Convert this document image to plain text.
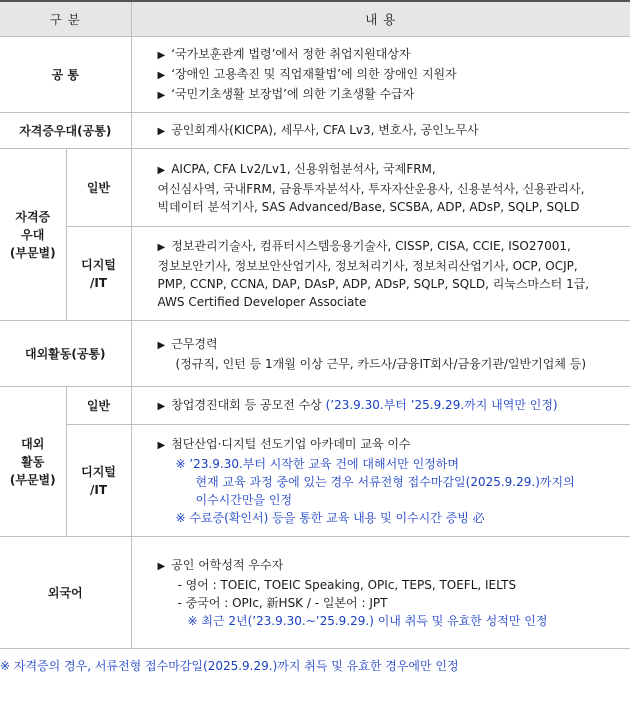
구 분		내 용
공 통		▶ ‘국가보훈관계 법령’에서 정한 취업지원대상자
▶ ‘장애인 고용촉진 및 직업재활법’에 의한 장애인 지원자
▶ ‘국민기초생활 보장법’에 의한 기초생활 수급자

자격증우대(공통)		▶ 공인회계사(KICPA), 세무사, CFA Lv3, 변호사, 공인노무사

자격증
우대
(부문별)	일반	▶ AICPA, CFA Lv2/Lv1, 신용위험분석사, 국제FRM,
여신심사역, 국내FRM, 금융투자분석사, 투자자산운용사, 신용분석사, 신용관리사,
빅데이터 분석기사, SAS Advanced/Base, SCSBA, ADP, ADsP, SQLP, SQLD

	디지털
/IT	▶ 정보관리기술사, 컴퓨터시스템응용기술사, CISSP, CISA, CCIE, ISO27001,
정보보안기사, 정보보안산업기사, 정보처리기사, 정보처리산업기사, OCP, OCJP,
PMP, CCNP, CCNA, DAP, DAsP, ADP, ADsP, SQLP, SQLD, 리눅스마스터 1급,
AWS Certified Developer Associate

대외활동(공통)		▶ 근무경력
(정규직, 인턴 등 1개월 이상 근무, 카드사/금융IT회사/금융기관/일반기업체 등)

대외
활동
(부문별)	일반	▶ 창업경진대회 등 공모전 수상 (’23.9.30.부터 ’25.9.29.까지 내역만 인정)

	디지털
/IT	▶ 첨단산업·디지털 선도기업 아카데미 교육 이수
※ ’23.9.30.부터 시작한 교육 건에 대해서만 인정하며
현재 교육 과정 중에 있는 경우 서류전형 접수마감일(2025.9.29.)까지의
이수시간만을 인정
※ 수료증(확인서) 등을 통한 교육 내용 및 이수시간 증빙 必

외국어		▶ 공인 어학성적 우수자
- 영어 : TOEIC, TOEIC Speaking, OPIc, TEPS, TOEFL, IELTS
- 중국어 : OPIc, 新HSK / - 일본어 : JPT
※ 최근 2년(’23.9.30.~’25.9.29.) 이내 취득 및 유효한 성적만 인정
※ 자격증의 경우, 서류전형 접수마감일(2025.9.29.)까지 취득 및 유효한 경우에만 인정
